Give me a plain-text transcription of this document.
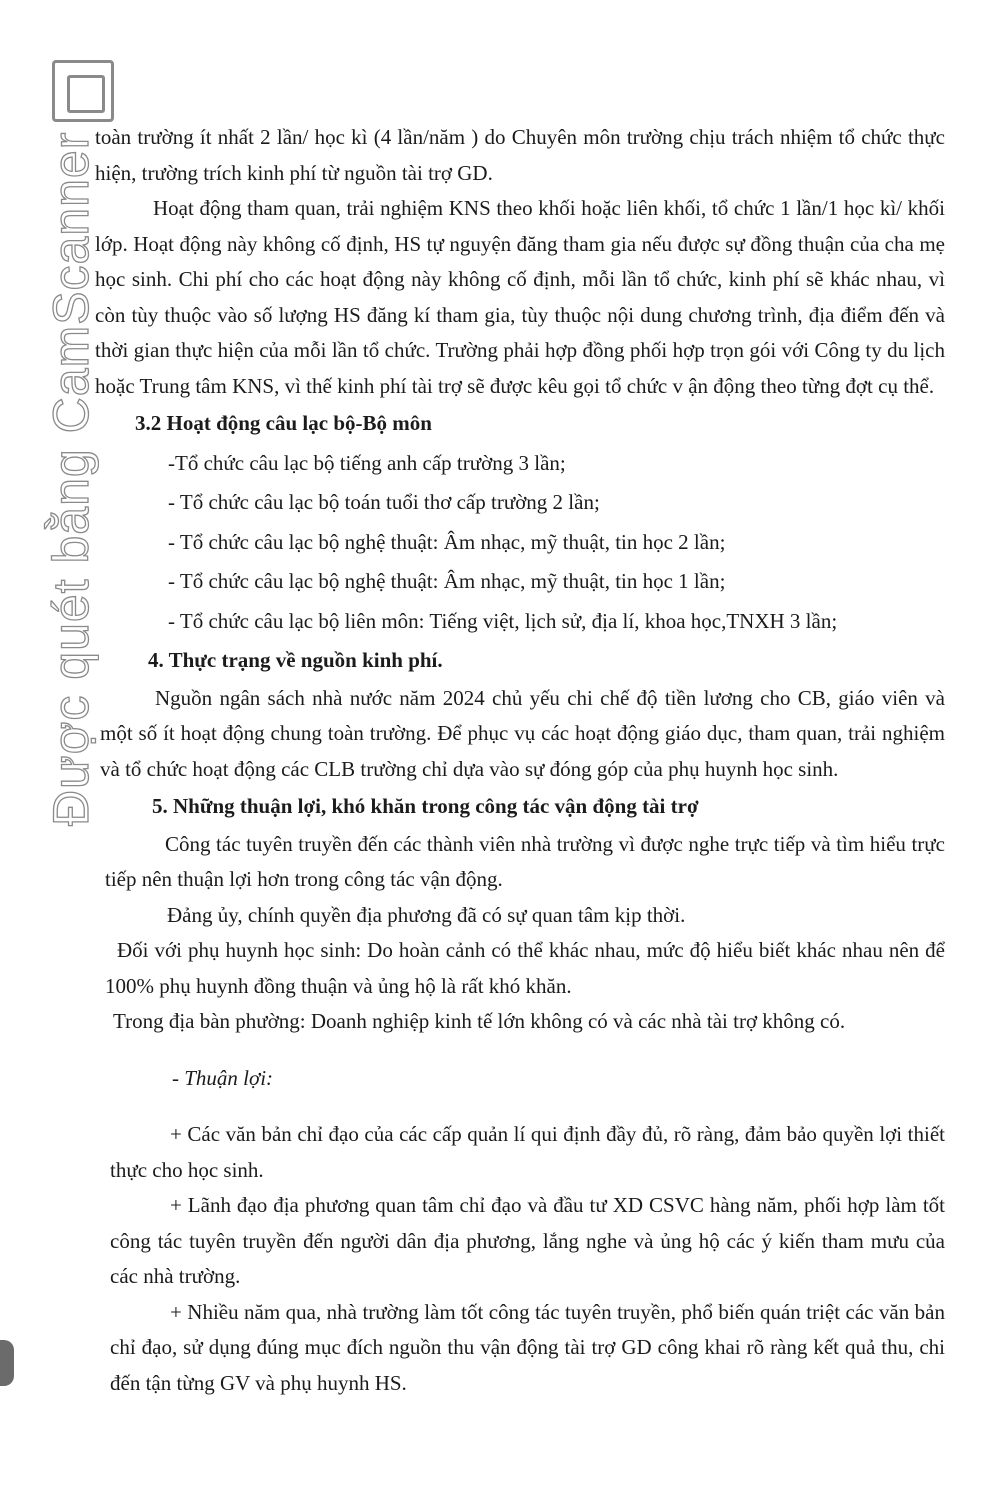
Được quét bằng CamScanner

toàn trường ít nhất 2 lần/ học kì (4 lần/năm ) do Chuyên môn trường chịu trách nhiệm tổ chức thực hiện, trường trích kinh phí từ nguồn tài trợ GD.

Hoạt động tham quan, trải nghiệm KNS theo khối hoặc liên khối, tổ chức 1 lần/1 học kì/ khối lớp. Hoạt động này không cố định, HS tự nguyện đăng tham gia nếu được sự đồng thuận của cha mẹ học sinh. Chi phí cho các hoạt động này không cố định, mỗi lần tổ chức, kinh phí sẽ khác nhau, vì còn tùy thuộc vào số lượng HS đăng kí tham gia, tùy thuộc nội dung chương trình, địa điểm đến và thời gian thực hiện của mỗi lần tổ chức. Trường phải hợp đồng phối hợp trọn gói với Công ty du lịch hoặc Trung tâm KNS, vì thế kinh phí tài trợ sẽ được kêu gọi tổ chức v ận động theo từng đợt cụ thể.

3.2 Hoạt động câu lạc bộ-Bộ môn

-Tổ chức câu lạc bộ tiếng anh cấp trường 3 lần;

- Tổ chức câu lạc bộ toán tuổi thơ cấp trường 2 lần;

- Tổ chức câu lạc bộ nghệ thuật: Âm nhạc, mỹ thuật, tin học 2 lần;

- Tổ chức câu lạc bộ nghệ thuật: Âm nhạc, mỹ thuật, tin học 1 lần;

- Tổ chức câu lạc bộ liên môn: Tiếng việt, lịch sử, địa lí, khoa học,TNXH 3 lần;

4. Thực trạng về nguồn kinh phí.

Nguồn ngân sách nhà nước năm 2024 chủ yếu chi chế độ tiền lương cho CB, giáo viên và một số ít hoạt động chung toàn trường. Để phục vụ các hoạt động giáo dục, tham quan, trải nghiệm và tổ chức hoạt động các CLB trường chỉ dựa vào sự đóng góp của phụ huynh học sinh.

5. Những thuận lợi, khó khăn trong công tác vận động tài trợ

Công tác tuyên truyền đến các thành viên nhà trường vì được nghe trực tiếp và tìm hiểu trực tiếp nên thuận lợi hơn trong công tác vận động.

Đảng ủy, chính quyền địa phương đã có sự quan tâm kịp thời.

Đối với phụ huynh học sinh: Do hoàn cảnh có thể khác nhau, mức độ hiểu biết khác nhau nên để 100% phụ huynh đồng thuận và ủng hộ là rất khó khăn.

Trong địa bàn phường: Doanh nghiệp kinh tế lớn không có và các nhà tài trợ không có.

- Thuận lợi:

+ Các văn bản chỉ đạo của các cấp quản lí qui định đầy đủ, rõ ràng, đảm bảo quyền lợi thiết thực cho học sinh.

+ Lãnh đạo địa phương quan tâm chỉ đạo và đầu tư XD CSVC hàng năm, phối hợp làm tốt công tác tuyên truyền đến người dân địa phương, lắng nghe và ủng hộ các ý kiến tham mưu của các nhà trường.

+ Nhiều năm qua, nhà trường làm tốt công tác tuyên truyền, phổ biến quán triệt các văn bản chỉ đạo, sử dụng đúng mục đích nguồn thu vận động tài trợ GD công khai rõ ràng kết quả thu, chi đến tận từng GV và phụ huynh HS.
